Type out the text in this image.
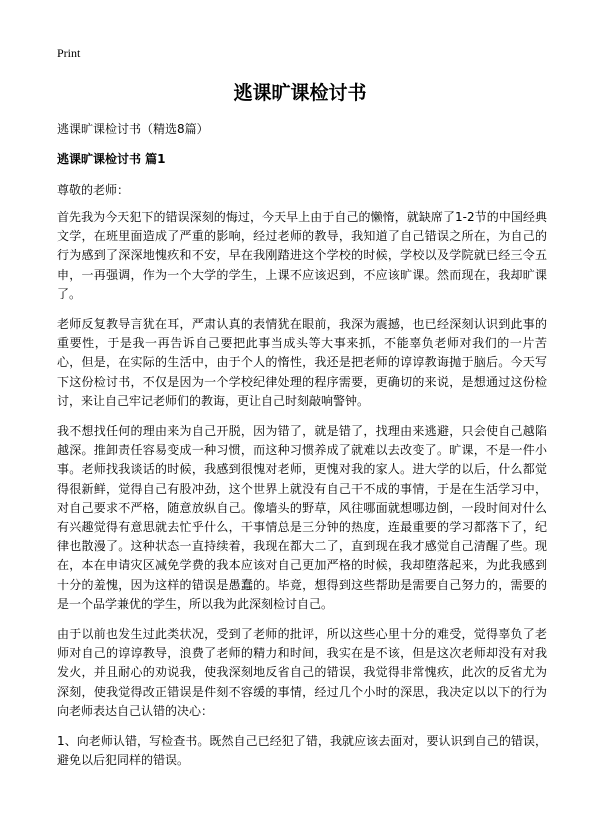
Print
逃课旷课检讨书

逃课旷课检讨书（精选8篇）

逃课旷课检讨书 篇1

尊敬的老师：

首先我为今天犯下的错误深刻的悔过，今天早上由于自己的懒惰，就缺席了1-2节的中国经典文学，在班里面造成了严重的影响，经过老师的教导，我知道了自己错误之所在，为自己的行为感到了深深地愧疚和不安，早在我刚踏进这个学校的时候，学校以及学院就已经三令五申，一再强调，作为一个大学的学生，上课不应该迟到，不应该旷课。然而现在，我却旷课了。

老师反复教导言犹在耳，严肃认真的表情犹在眼前，我深为震撼，也已经深刻认识到此事的重要性，于是我一再告诉自己要把此事当成头等大事来抓，不能辜负老师对我们的一片苦心，但是，在实际的生活中，由于个人的惰性，我还是把老师的谆谆教诲抛于脑后。今天写下这份检讨书，不仅是因为一个学校纪律处理的程序需要，更确切的来说，是想通过这份检讨，来让自己牢记老师们的教诲，更让自己时刻敲响警钟。

我不想找任何的理由来为自己开脱，因为错了，就是错了，找理由来逃避，只会使自己越陷越深。推卸责任容易变成一种习惯，而这种习惯养成了就难以去改变了。旷课，不是一件小事。老师找我谈话的时候，我感到很愧对老师，更愧对我的家人。进大学的以后，什么都觉得很新鲜，觉得自己有股冲劲，这个世界上就没有自己干不成的事情，于是在生活学习中，对自己要求不严格，随意放纵自己。像墙头的野草，风往哪面就想哪边倒，一段时间对什么有兴趣觉得有意思就去忙乎什么，干事情总是三分钟的热度，连最重要的学习都落下了，纪律也散漫了。这种状态一直持续着，我现在都大二了，直到现在我才感觉自己清醒了些。现在，本在申请灾区减免学费的我本应该对自己更加严格的时候，我却堕落起来，为此我感到十分的羞愧，因为这样的错误是愚蠢的。毕竟，想得到这些帮助是需要自己努力的，需要的是一个品学兼优的学生，所以我为此深刻检讨自己。

由于以前也发生过此类状况，受到了老师的批评，所以这些心里十分的难受，觉得辜负了老师对自己的谆谆教导，浪费了老师的精力和时间，我实在是不该，但是这次老师却没有对我发火，并且耐心的劝说我，使我深刻地反省自己的错误，我觉得非常愧疚，此次的反省尤为深刻，使我觉得改正错误是件刻不容缓的事情，经过几个小时的深思，我决定以以下的行为向老师表达自己认错的决心：

1、向老师认错，写检查书。既然自己已经犯了错，我就应该去面对，要认识到自己的错误，避免以后犯同样的错误。
